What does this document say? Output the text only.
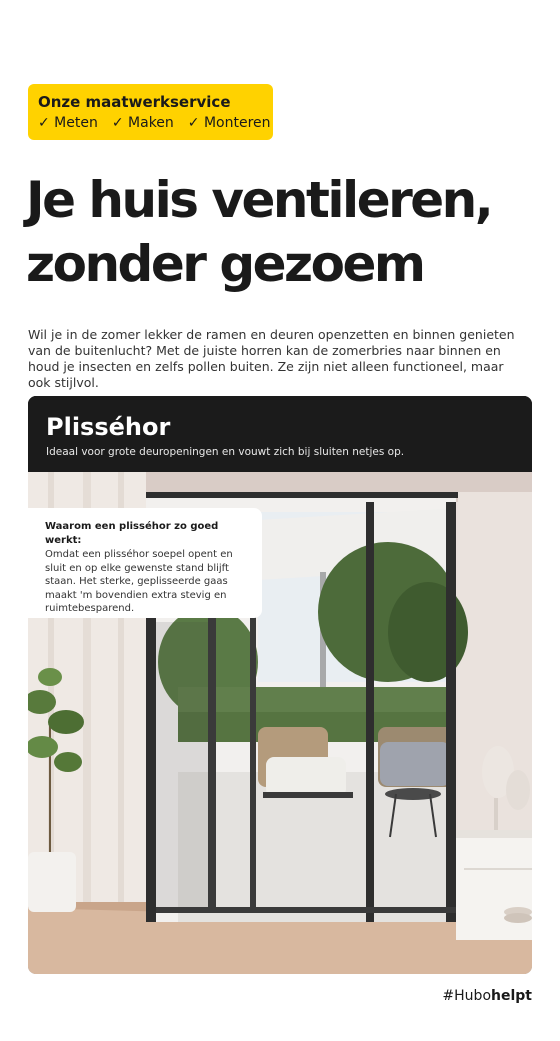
Onze maatwerkservice
✓ Meten ✓ Maken ✓ Monteren
Je huis ventileren,
zonder gezoem

Wil je in de zomer lekker de ramen en deuren openzetten en binnen genieten van de buitenlucht? Met de juiste horren kan de zomerbries naar binnen en houd je insecten en zelfs pollen buiten. Ze zijn niet alleen functioneel, maar ook stijlvol.

Plisséhor
Ideaal voor grote deuropeningen en vouwt zich bij sluiten netjes op.
Waarom een plisséhor zo goed werkt:
Omdat een plisséhor soepel opent en sluit en op elke gewenste stand blijft staan. Het sterke, geplisseerde gaas maakt 'm bovendien extra stevig en ruimtebesparend.
#Hubohelpt
